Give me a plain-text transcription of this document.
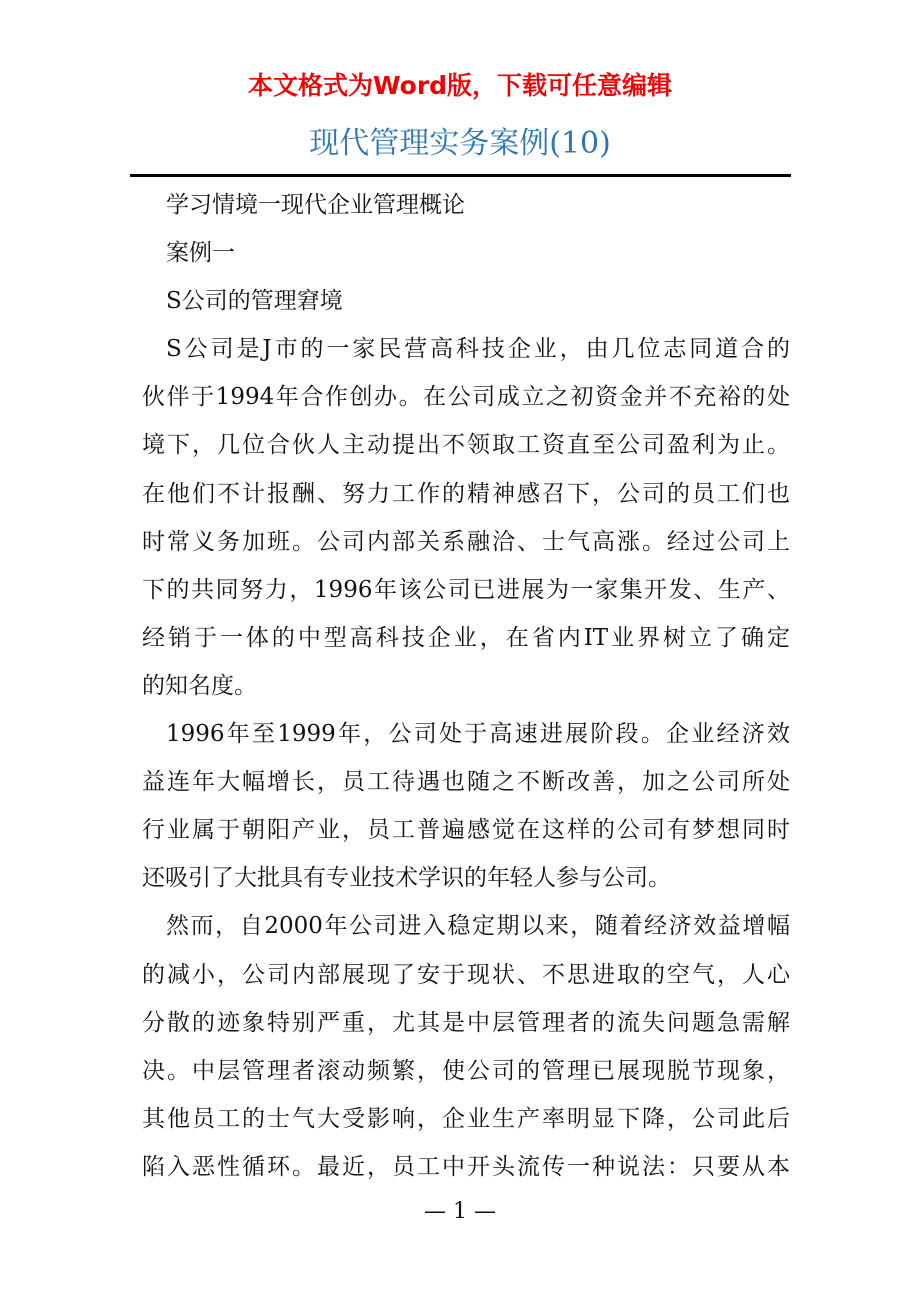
本文格式为Word版，下载可任意编辑
现代管理实务案例(10)
学习情境一现代企业管理概论
案例一
S公司的管理窘境
S公司是J市的一家民营高科技企业，由几位志同道合的
伙伴于1994年合作创办。在公司成立之初资金并不充裕的处
境下，几位合伙人主动提出不领取工资直至公司盈利为止。
在他们不计报酬、努力工作的精神感召下，公司的员工们也
时常义务加班。公司内部关系融洽、士气高涨。经过公司上
下的共同努力，1996年该公司已进展为一家集开发、生产、
经销于一体的中型高科技企业，在省内IT业界树立了确定
的知名度。
1996年至1999年，公司处于高速进展阶段。企业经济效
益连年大幅增长，员工待遇也随之不断改善，加之公司所处
行业属于朝阳产业，员工普遍感觉在这样的公司有梦想同时
还吸引了大批具有专业技术学识的年轻人参与公司。
然而，自2000年公司进入稳定期以来，随着经济效益增幅
的减小，公司内部展现了安于现状、不思进取的空气，人心
分散的迹象特别严重，尤其是中层管理者的流失问题急需解
决。中层管理者滚动频繁，使公司的管理已展现脱节现象，
其他员工的士气大受影响，企业生产率明显下降，公司此后
陷入恶性循环。最近，员工中开头流传一种说法：只要从本
— 1 —
